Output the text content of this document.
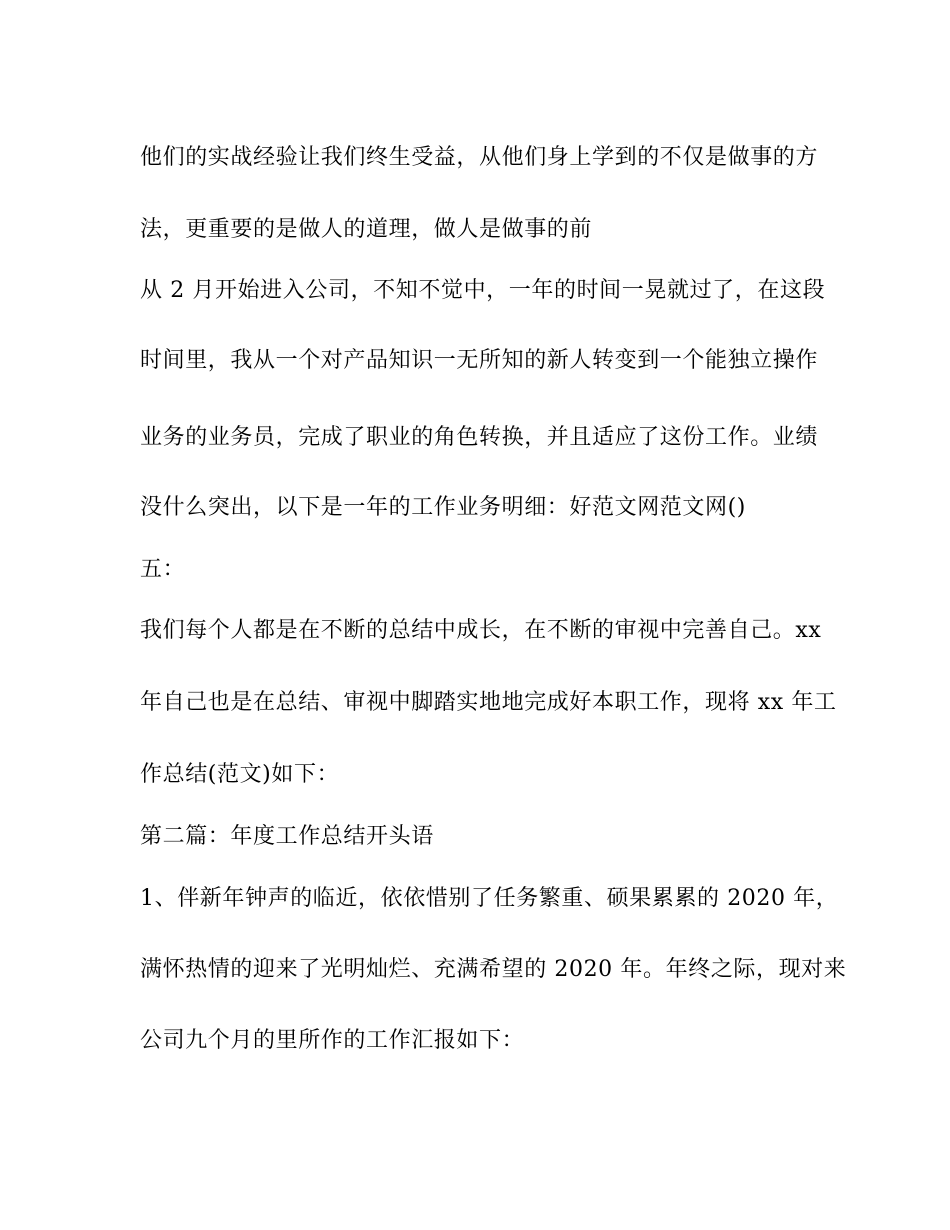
他们的实战经验让我们终生受益，从他们身上学到的不仅是做事的方

法，更重要的是做人的道理，做人是做事的前

从 2 月开始进入公司，不知不觉中，一年的时间一晃就过了，在这段

时间里，我从一个对产品知识一无所知的新人转变到一个能独立操作

业务的业务员，完成了职业的角色转换，并且适应了这份工作。业绩

没什么突出，以下是一年的工作业务明细：好范文网范文网()

五：

我们每个人都是在不断的总结中成长，在不断的审视中完善自己。xx

年自己也是在总结、审视中脚踏实地地完成好本职工作，现将 xx 年工

作总结(范文)如下：

第二篇：年度工作总结开头语

1、伴新年钟声的临近，依依惜别了任务繁重、硕果累累的 2020 年，

满怀热情的迎来了光明灿烂、充满希望的 2020 年。年终之际，现对来

公司九个月的里所作的工作汇报如下：
